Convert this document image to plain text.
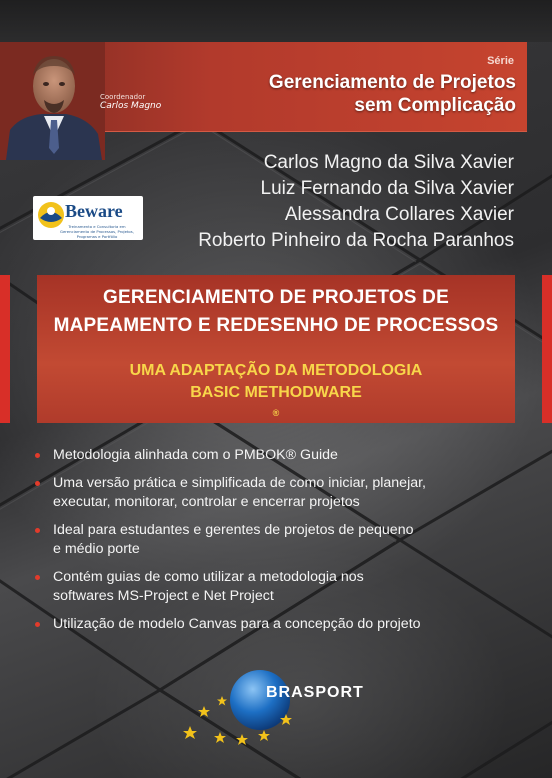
Coordenador
Carlos Magno
Série
Gerenciamento de Projetos
sem Complicação
Carlos Magno da Silva Xavier
Luiz Fernando da Silva Xavier
Alessandra Collares Xavier
Roberto Pinheiro da Rocha Paranhos
Beware
Treinamento e Consultoria em Gerenciamento de Processos, Projetos, Programas e Portfólio
GERENCIAMENTO DE PROJETOS DE
MAPEAMENTO E REDESENHO DE PROCESSOS
UMA ADAPTAÇÃO DA METODOLOGIA
BASIC METHODWARE
®
Metodologia alinhada com o PMBOK® Guide
Uma versão prática e simplificada de como iniciar, planejar,
executar, monitorar, controlar e encerrar projetos
Ideal para estudantes e gerentes de projetos de pequeno
e médio porte
Contém guias de como utilizar a metodologia nos
softwares MS-Project e Net Project
Utilização de modelo Canvas para a concepção do projeto
BRASPORT
